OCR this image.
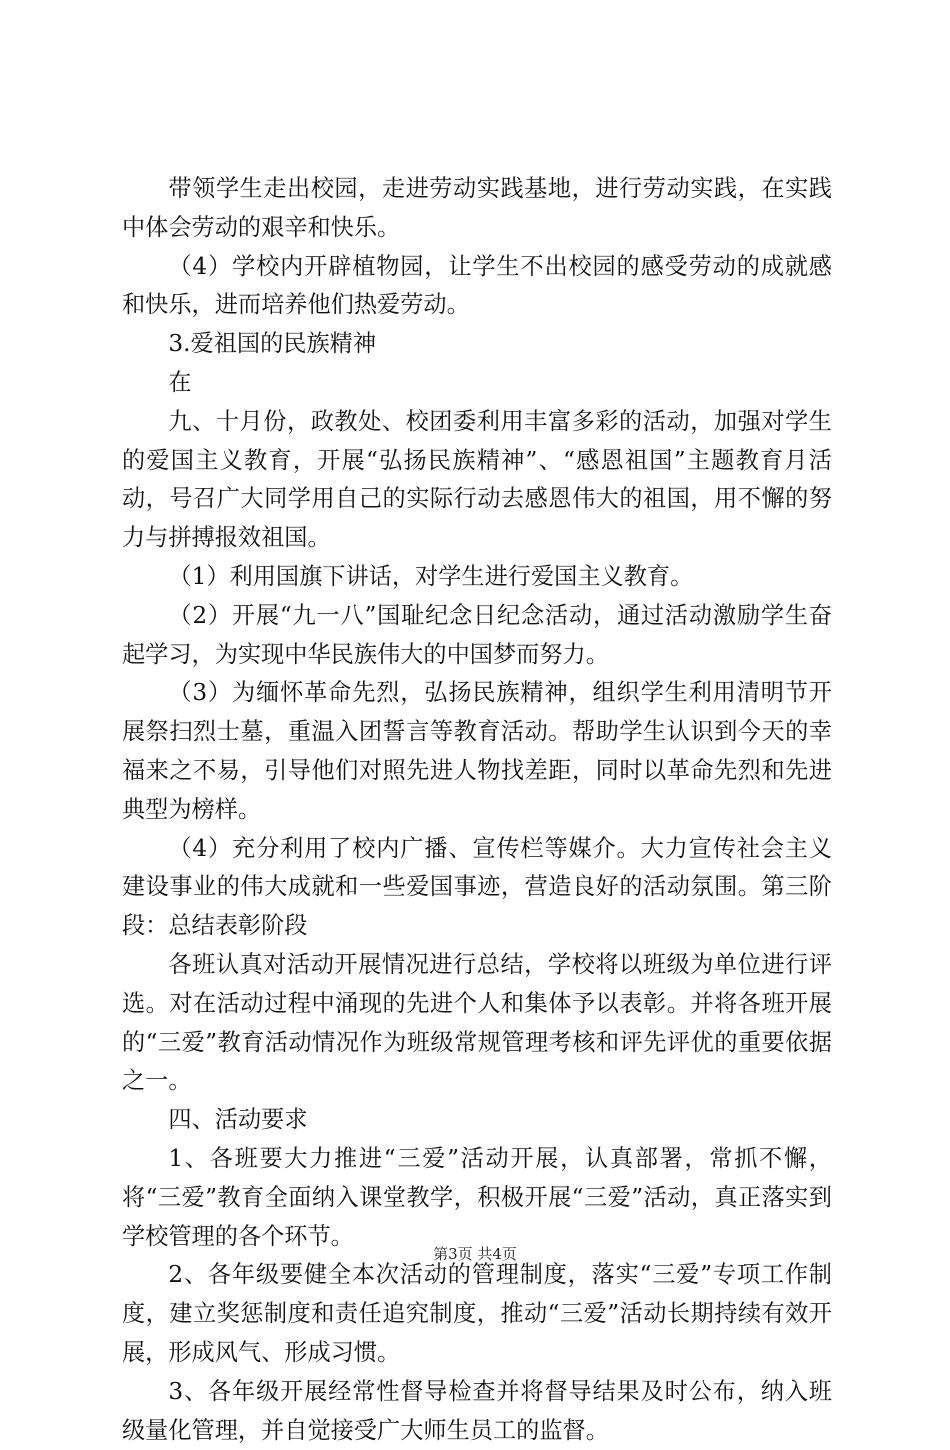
带领学生走出校园，走进劳动实践基地，进行劳动实践，在实践中体会劳动的艰辛和快乐。

（4）学校内开辟植物园，让学生不出校园的感受劳动的成就感和快乐，进而培养他们热爱劳动。

3.爱祖国的民族精神

在

九、十月份，政教处、校团委利用丰富多彩的活动，加强对学生的爱国主义教育，开展“弘扬民族精神”、“感恩祖国”主题教育月活动，号召广大同学用自己的实际行动去感恩伟大的祖国，用不懈的努力与拼搏报效祖国。

（1）利用国旗下讲话，对学生进行爱国主义教育。

（2）开展“九一八”国耻纪念日纪念活动，通过活动激励学生奋起学习，为实现中华民族伟大的中国梦而努力。

（3）为缅怀革命先烈，弘扬民族精神，组织学生利用清明节开展祭扫烈士墓，重温入团誓言等教育活动。帮助学生认识到今天的幸福来之不易，引导他们对照先进人物找差距，同时以革命先烈和先进典型为榜样。

（4）充分利用了校内广播、宣传栏等媒介。大力宣传社会主义建设事业的伟大成就和一些爱国事迹，营造良好的活动氛围。第三阶段：总结表彰阶段

各班认真对活动开展情况进行总结，学校将以班级为单位进行评选。对在活动过程中涌现的先进个人和集体予以表彰。并将各班开展的“三爱”教育活动情况作为班级常规管理考核和评先评优的重要依据之一。

四、活动要求

1、各班要大力推进“三爱”活动开展，认真部署，常抓不懈，将“三爱”教育全面纳入课堂教学，积极开展“三爱”活动，真正落实到学校管理的各个环节。

2、各年级要健全本次活动的管理制度，落实“三爱”专项工作制度，建立奖惩制度和责任追究制度，推动“三爱”活动长期持续有效开展，形成风气、形成习惯。

3、各年级开展经常性督导检查并将督导结果及时公布，纳入班级量化管理，并自觉接受广大师生员工的监督。

第3页 共4页
